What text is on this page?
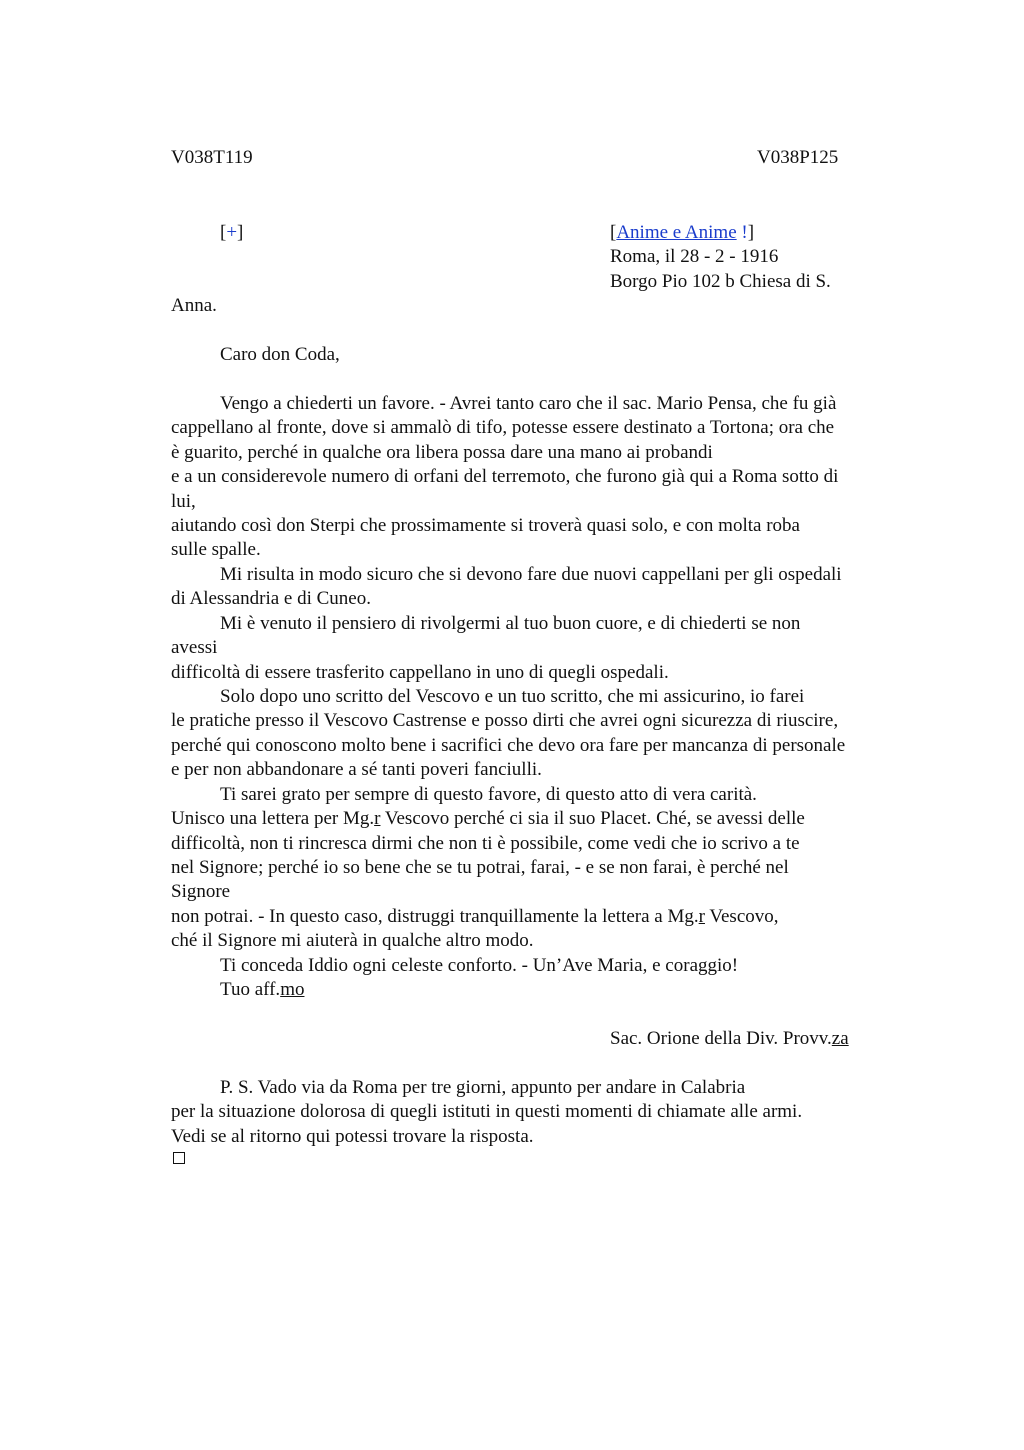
V038T119	V038P125
[+]	[Anime e Anime !]
Roma, il 28 - 2 - 1916
Borgo Pio 102 b Chiesa di S.
Anna.
Caro don Coda,
Vengo a chiederti un favore. - Avrei tanto caro che il sac. Mario Pensa, che fu già
cappellano al fronte, dove si ammalò di tifo, potesse essere destinato a Tortona; ora che
è guarito, perché in qualche ora libera possa dare una mano ai probandi
e a un considerevole numero di orfani del terremoto, che furono già qui a Roma sotto di
lui,
aiutando così don Sterpi che prossimamente si troverà quasi solo, e con molta roba
sulle spalle.
Mi risulta in modo sicuro che si devono fare due nuovi cappellani per gli ospedali
di Alessandria e di Cuneo.
Mi è venuto il pensiero di rivolgermi al tuo buon cuore, e di chiederti se non
avessi
difficoltà di essere trasferito cappellano in uno di quegli ospedali.
Solo dopo uno scritto del Vescovo e un tuo scritto, che mi assicurino, io farei
le pratiche presso il Vescovo Castrense e posso dirti che avrei ogni sicurezza di riuscire,
perché qui conoscono molto bene i sacrifici che devo ora fare per mancanza di personale
e per non abbandonare a sé tanti poveri fanciulli.
Ti sarei grato per sempre di questo favore, di questo atto di vera carità.
Unisco una lettera per Mg.r Vescovo perché ci sia il suo Placet. Ché, se avessi delle
difficoltà, non ti rincresca dirmi che non ti è possibile, come vedi che io scrivo a te
nel Signore; perché io so bene che se tu potrai, farai, - e se non farai, è perché nel
Signore
non potrai. - In questo caso, distruggi tranquillamente la lettera a Mg.r Vescovo,
ché il Signore mi aiuterà in qualche altro modo.
Ti conceda Iddio ogni celeste conforto. - Un’Ave Maria, e coraggio!
Tuo aff.mo
Sac. Orione della Div. Provv.za
P. S. Vado via da Roma per tre giorni, appunto per andare in Calabria
per la situazione dolorosa di quegli istituti in questi momenti di chiamate alle armi.
Vedi se al ritorno qui potessi trovare la risposta.
